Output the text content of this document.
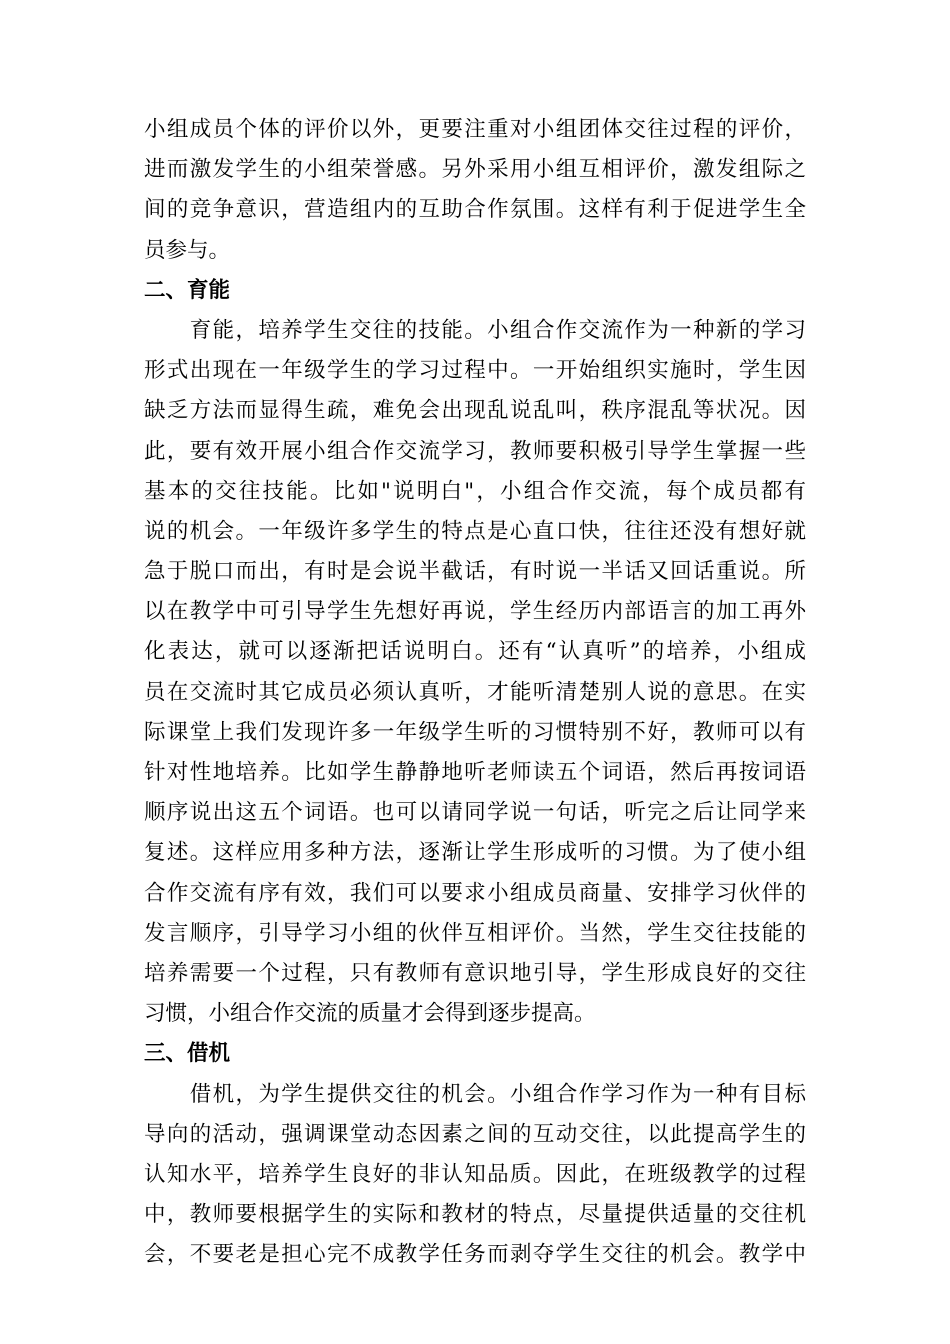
小组成员个体的评价以外，更要注重对小组团体交往过程的评价，
进而激发学生的小组荣誉感。另外采用小组互相评价，激发组际之
间的竞争意识，营造组内的互助合作氛围。这样有利于促进学生全
员参与。
二、育能
　　育能，培养学生交往的技能。小组合作交流作为一种新的学习
形式出现在一年级学生的学习过程中。一开始组织实施时，学生因
缺乏方法而显得生疏，难免会出现乱说乱叫，秩序混乱等状况。因
此，要有效开展小组合作交流学习，教师要积极引导学生掌握一些
基本的交往技能。比如"说明白"，小组合作交流，每个成员都有
说的机会。一年级许多学生的特点是心直口快，往往还没有想好就
急于脱口而出，有时是会说半截话，有时说一半话又回话重说。所
以在教学中可引导学生先想好再说，学生经历内部语言的加工再外
化表达，就可以逐渐把话说明白。还有“认真听”的培养，小组成
员在交流时其它成员必须认真听，才能听清楚别人说的意思。在实
际课堂上我们发现许多一年级学生听的习惯特别不好，教师可以有
针对性地培养。比如学生静静地听老师读五个词语，然后再按词语
顺序说出这五个词语。也可以请同学说一句话，听完之后让同学来
复述。这样应用多种方法，逐渐让学生形成听的习惯。为了使小组
合作交流有序有效，我们可以要求小组成员商量、安排学习伙伴的
发言顺序，引导学习小组的伙伴互相评价。当然，学生交往技能的
培养需要一个过程，只有教师有意识地引导，学生形成良好的交往
习惯，小组合作交流的质量才会得到逐步提高。
三、借机
　　借机，为学生提供交往的机会。小组合作学习作为一种有目标
导向的活动，强调课堂动态因素之间的互动交往，以此提高学生的
认知水平，培养学生良好的非认知品质。因此，在班级教学的过程
中，教师要根据学生的实际和教材的特点，尽量提供适量的交往机
会，不要老是担心完不成教学任务而剥夺学生交往的机会。教学中
